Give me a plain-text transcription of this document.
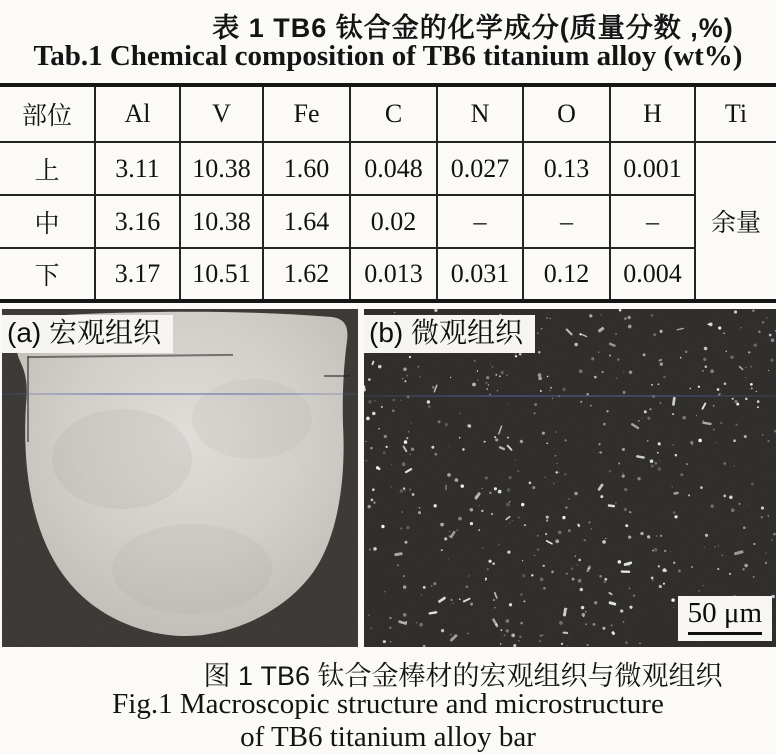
表 1 TB6 钛合金的化学成分(质量分数 ,%)
Tab.1 Chemical composition of TB6 titanium alloy (wt%)
部位	Al	V	Fe	C	N	O	H	Ti
上	3.11	10.38	1.60	0.048	0.027	0.13	0.001	余量
中	3.16	10.38	1.64	0.02	–	–	–	
下	3.17	10.51	1.62	0.013	0.031	0.12	0.004	
(a) 宏观组织	(b) 微观组织
50 μm
图 1 TB6 钛合金棒材的宏观组织与微观组织
Fig.1 Macroscopic structure and microstructure
of TB6 titanium alloy bar
